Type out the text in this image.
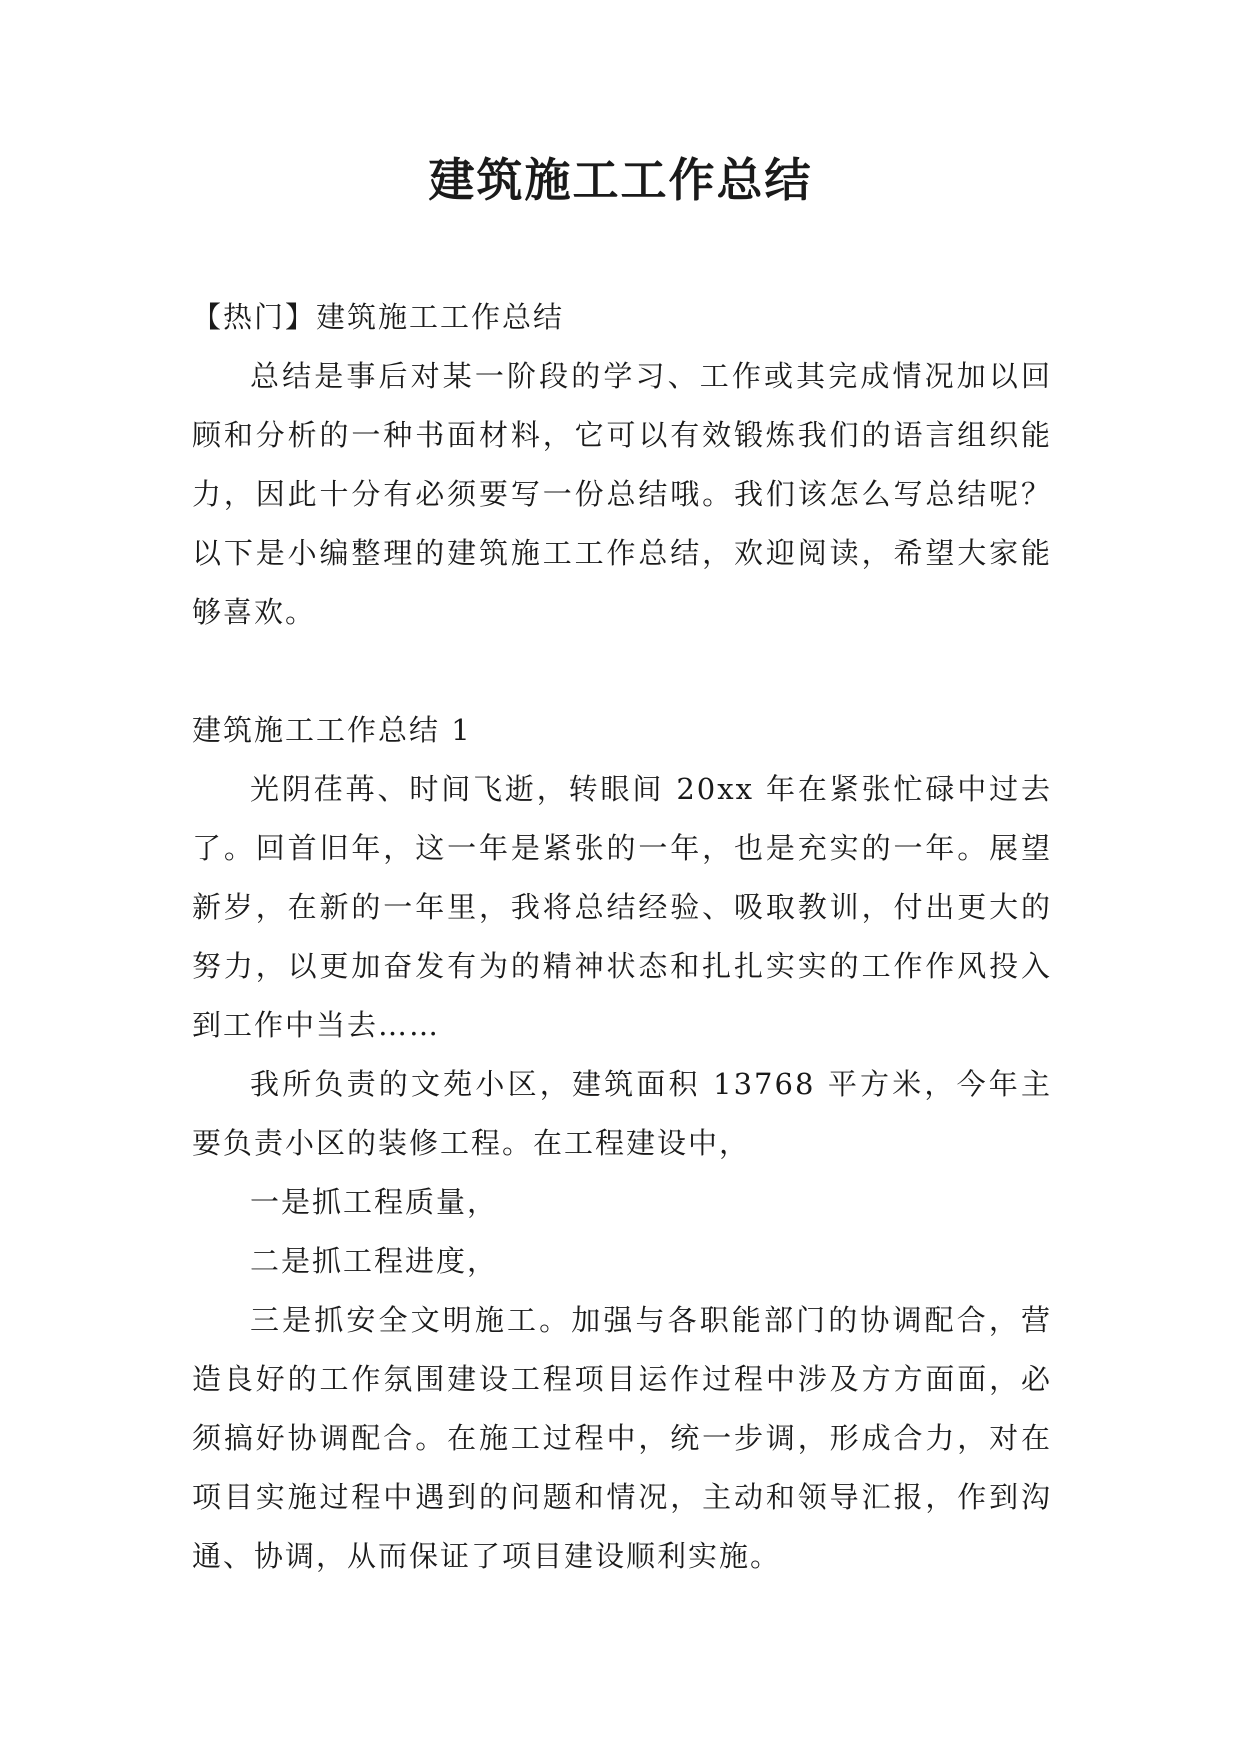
建筑施工工作总结

【热门】建筑施工工作总结

总结是事后对某一阶段的学习、工作或其完成情况加以回顾和分析的一种书面材料，它可以有效锻炼我们的语言组织能力，因此十分有必须要写一份总结哦。我们该怎么写总结呢？以下是小编整理的建筑施工工作总结，欢迎阅读，希望大家能够喜欢。

建筑施工工作总结 1

光阴荏苒、时间飞逝，转眼间 20xx 年在紧张忙碌中过去了。回首旧年，这一年是紧张的一年，也是充实的一年。展望新岁，在新的一年里，我将总结经验、吸取教训，付出更大的努力，以更加奋发有为的精神状态和扎扎实实的工作作风投入到工作中当去……

我所负责的文苑小区，建筑面积 13768 平方米，今年主要负责小区的装修工程。在工程建设中，

一是抓工程质量，

二是抓工程进度，

三是抓安全文明施工。加强与各职能部门的协调配合，营造良好的工作氛围建设工程项目运作过程中涉及方方面面，必须搞好协调配合。在施工过程中，统一步调，形成合力，对在项目实施过程中遇到的问题和情况，主动和领导汇报，作到沟通、协调，从而保证了项目建设顺利实施。
